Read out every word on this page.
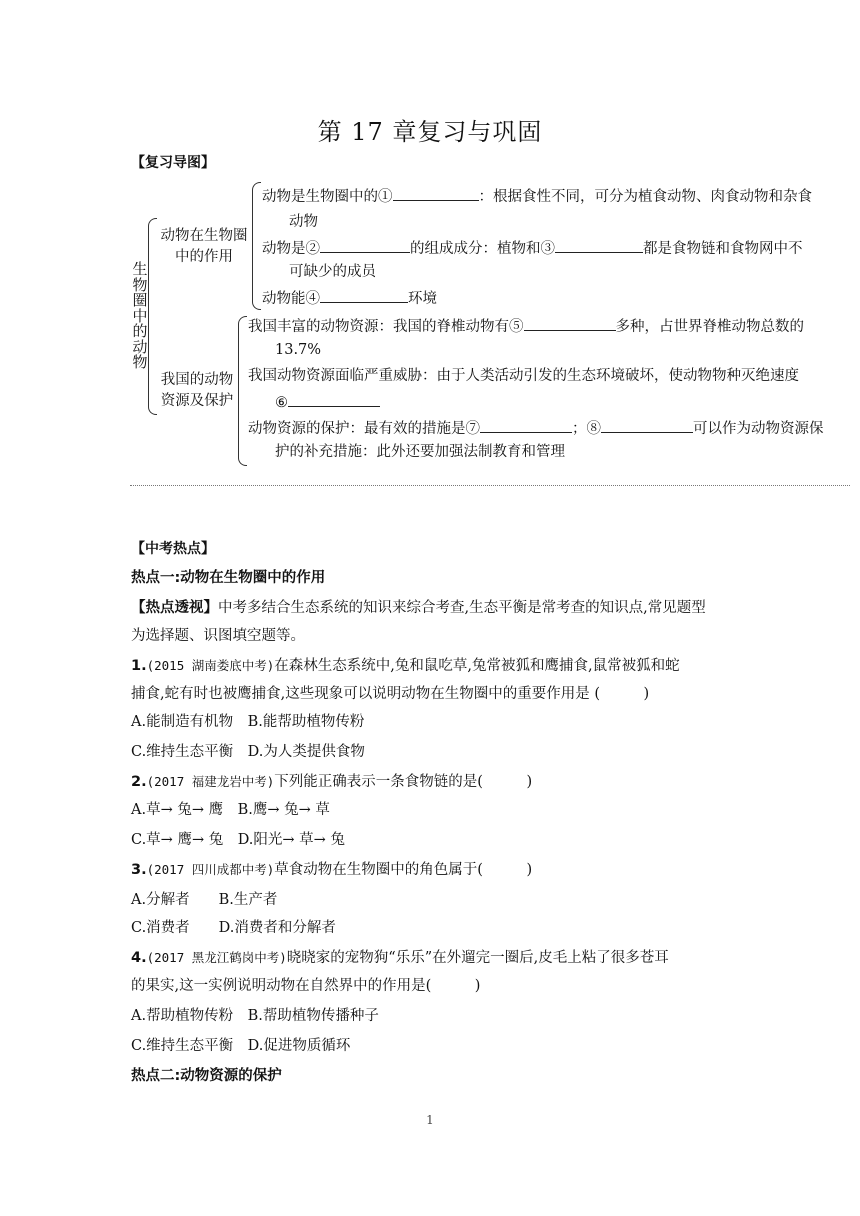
第 17 章复习与巩固
【复习导图】
生
物
圈
中
的
动
物
动物在生物圈
中的作用
动物是生物圈中的①	：根据食性不同，可分为植食动物、肉食动物和杂食
动物
动物是②	的组成成分：植物和③	都是食物链和食物网中不
可缺少的成员
动物能④	环境
我国的动物
资源及保护
我国丰富的动物资源：我国的脊椎动物有⑤	多种，占世界脊椎动物总数的
13.7%
我国动物资源面临严重威胁：由于人类活动引发的生态环境破坏，使动物物种灭绝速度
⑥
动物资源的保护：最有效的措施是⑦	；⑧	可以作为动物资源保
护的补充措施：此外还要加强法制教育和管理
【中考热点】
热点一:动物在生物圈中的作用
【热点透视】中考多结合生态系统的知识来综合考查,生态平衡是常考查的知识点,常见题型
为选择题、识图填空题等。
1.(2015 湖南娄底中考)在森林生态系统中,兔和鼠吃草,兔常被狐和鹰捕食,鼠常被狐和蛇
捕食,蛇有时也被鹰捕食,这些现象可以说明动物在生物圈中的重要作用是 (　　　)
A.能制造有机物　B.能帮助植物传粉
C.维持生态平衡　D.为人类提供食物
2.(2017 福建龙岩中考)下列能正确表示一条食物链的是(　　　)
A.草→ 兔→ 鹰　B.鹰→ 兔→ 草
C.草→ 鹰→ 兔　D.阳光→ 草→ 兔
3.(2017 四川成都中考)草食动物在生物圈中的角色属于(　　　)
A.分解者　　B.生产者
C.消费者　　D.消费者和分解者
4.(2017 黑龙江鹤岗中考)晓晓家的宠物狗“乐乐”在外遛完一圈后,皮毛上粘了很多苍耳
的果实,这一实例说明动物在自然界中的作用是(　　　)
A.帮助植物传粉　B.帮助植物传播种子
C.维持生态平衡　D.促进物质循环
热点二:动物资源的保护
1
